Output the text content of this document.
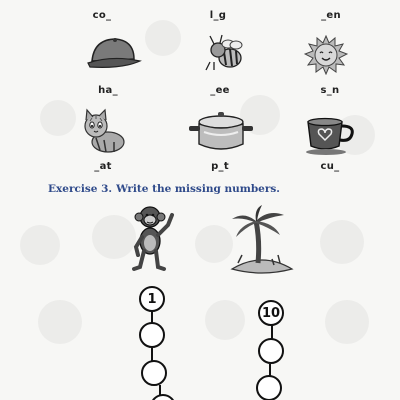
co_	l_g	_en
ha_	_ee	s_n
_at	p_t	cu_
Exercise 3. Write the missing numbers.
1
10
